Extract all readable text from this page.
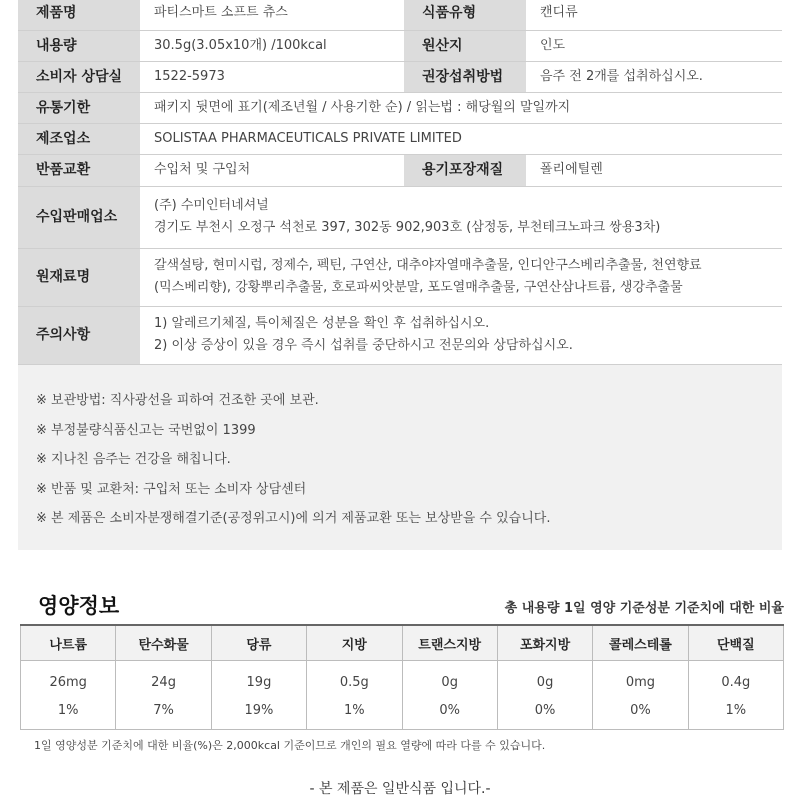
제품명	파티스마트 소프트 츄스	식품유형	캔디류
내용량	30.5g(3.05x10개) /100kcal	원산지	인도
소비자 상담실	1522-5973	권장섭취방법	음주 전 2개를 섭취하십시오.
유통기한	패키지 뒷면에 표기(제조년월 / 사용기한 순) / 읽는법 : 해당월의 말일까지		
제조업소	SOLISTAA PHARMACEUTICALS PRIVATE LIMITED		
반품교환	수입처 및 구입처	용기포장재질	폴리에틸렌
수입판매업소	(주) 수미인터네셔널
경기도 부천시 오정구 석천로 397, 302동 902,903호 (삼정동, 부천테크노파크 쌍용3차)		

원재료명	갈색설탕, 현미시럽, 정제수, 펙틴, 구연산, 대추야자열매추출물, 인디안구스베리추출물, 천연향료
(믹스베리향), 강황뿌리추출물, 호로파씨앗분말, 포도열매추출물, 구연산삼나트륨, 생강추출물		

주의사항	1) 알레르기체질, 특이체질은 성분을 확인 후 섭취하십시오.
2) 이상 증상이 있을 경우 즉시 섭취를 중단하시고 전문의와 상담하십시오.		
※ 보관방법: 직사광선을 피하여 건조한 곳에 보관.
※ 부정불량식품신고는 국번없이 1399
※ 지나친 음주는 건강을 해칩니다.
※ 반품 및 교환처: 구입처 또는 소비자 상담센터
※ 본 제품은 소비자분쟁해결기준(공정위고시)에 의거 제품교환 또는 보상받을 수 있습니다.
영양정보	총 내용량 1일 영양 기준성분 기준치에 대한 비율
나트륨	탄수화물	당류	지방	트랜스지방	포화지방	콜레스테롤	단백질
26mg	24g	19g	0.5g	0g	0g	0mg	0.4g
1%	7%	19%	1%	0%	0%	0%	1%
1일 영양성분 기준치에 대한 비율(%)은 2,000kcal 기준이므로 개인의 필요 열량에 따라 다를 수 있습니다.
- 본 제품은 일반식품 입니다.-
